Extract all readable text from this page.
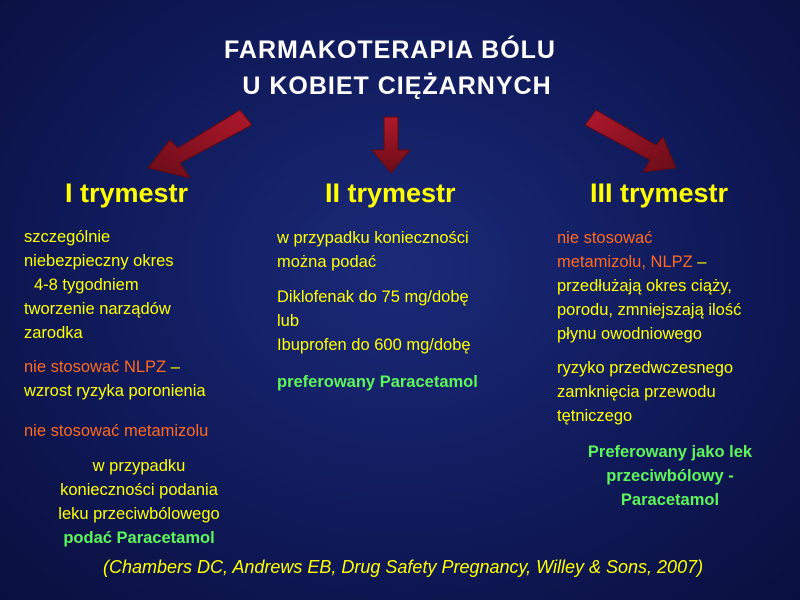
FARMAKOTERAPIA BÓLU
U KOBIET CIĘŻARNYCH
I trymestr	II trymestr	III trymestr
szczególnie
niebezpieczny okres
4-8 tygodniem
tworzenie narządów
zarodka
nie stosować NLPZ –
wzrost ryzyka poronienia
nie stosować metamizolu
w przypadku
konieczności podania
leku przeciwbólowego
podać Paracetamol
w przypadku konieczności
można podać
Diklofenak do 75 mg/dobę
lub
Ibuprofen do 600 mg/dobę
preferowany Paracetamol
nie stosować
metamizolu, NLPZ –
przedłużają okres ciąży,
porodu, zmniejszają ilość
płynu owodniowego
ryzyko przedwczesnego
zamknięcia przewodu
tętniczego
Preferowany jako lek
przeciwbólowy -
Paracetamol
(Chambers DC, Andrews EB, Drug Safety Pregnancy, Willey & Sons, 2007)
